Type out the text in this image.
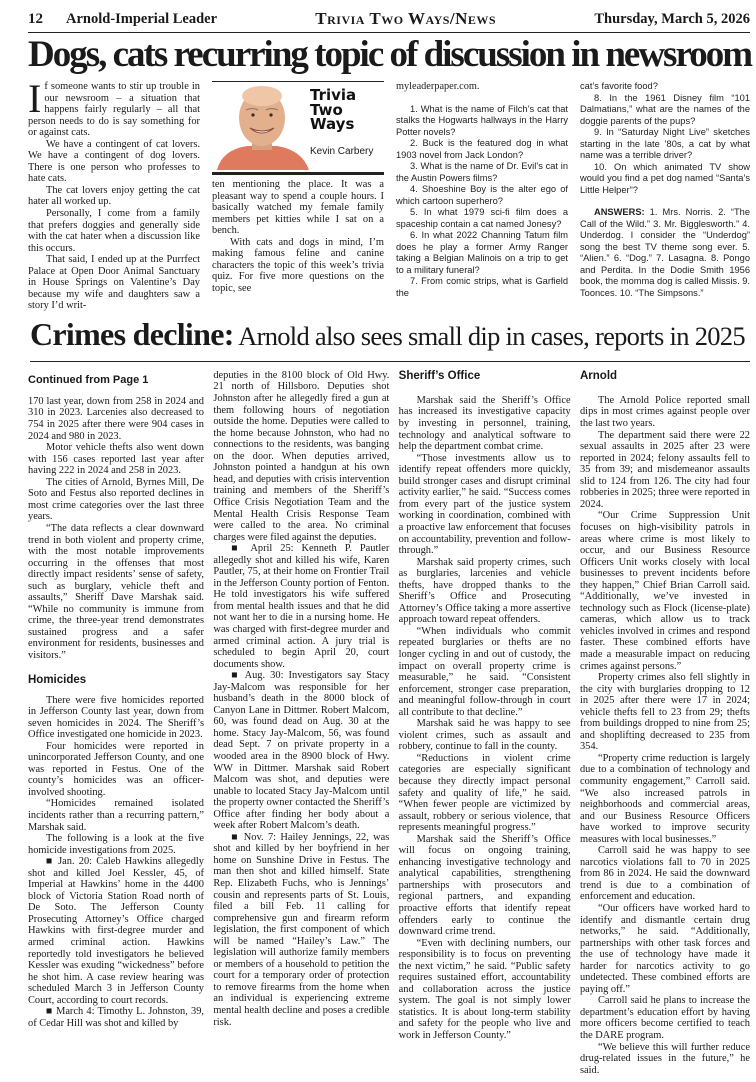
12	Arnold-Imperial Leader	Trivia Two Ways/News	Thursday, March 5, 2026
Dogs, cats recurring topic of discussion in newsroom
I f someone wants to stir up trouble in our newsroom – a situation that happens fairly regularly – all that person needs to do is say something for or against cats.

We have a contingent of cat lovers. We have a contingent of dog lovers. There is one person who professes to hate cats.

The cat lovers enjoy getting the cat hater all worked up.

Personally, I come from a family that prefers doggies and generally side with the cat hater when a discussion like this occurs.

That said, I ended up at the Purrfect Palace at Open Door Animal Sanctuary in House Springs on Valentine’s Day because my wife and daughters saw a story I’d writ-

Trivia
Two
Ways
Kevin Carbery

ten mentioning the place. It was a pleasant way to spend a couple hours. I basically watched my female family members pet kitties while I sat on a bench.

With cats and dogs in mind, I’m making famous feline and canine characters the topic of this week’s trivia quiz. For five more questions on the topic, see

myleaderpaper.com.

1. What is the name of Filch’s cat that stalks the Hogwarts hallways in the Harry Potter novels?

2. Buck is the featured dog in what 1903 novel from Jack London?

3. What is the name of Dr. Evil’s cat in the Austin Powers films?

4. Shoeshine Boy is the alter ego of which cartoon superhero?

5. In what 1979 sci-fi film does a spaceship contain a cat named Jonesy?

6. In what 2022 Channing Tatum film does he play a former Army Ranger taking a Belgian Malinois on a trip to get to a military funeral?

7. From comic strips, what is Garfield the

cat’s favorite food?

8. In the 1961 Disney film “101 Dalmatians,” what are the names of the doggie parents of the pups?

9. In “Saturday Night Live” sketches starting in the late ’80s, a cat by what name was a terrible driver?

10. On which animated TV show would you find a pet dog named “Santa’s Little Helper”?

ANSWERS: 1. Mrs. Norris. 2. “The Call of the Wild.” 3. Mr. Bigglesworth.” 4. Underdog. I consider the “Underdog” song the best TV theme song ever. 5. “Alien.” 6. “Dog.” 7. Lasagna. 8. Pongo and Perdita. In the Dodie Smith 1956 book, the momma dog is called Missis. 9. Toonces. 10. “The Simpsons.”

Crimes decline: Arnold also sees small dip in cases, reports in 2025
Continued from Page 1

170 last year, down from 258 in 2024 and 310 in 2023. Larcenies also decreased to 754 in 2025 after there were 904 cases in 2024 and 980 in 2023.

Motor vehicle thefts also went down with 156 cases reported last year after having 222 in 2024 and 258 in 2023.

The cities of Arnold, Byrnes Mill, De Soto and Festus also reported declines in most crime categories over the last three years.

“The data reflects a clear downward trend in both violent and property crime, with the most notable improvements occurring in the offenses that most directly impact residents’ sense of safety, such as burglary, vehicle theft and assaults,” Sheriff Dave Marshak said. “While no community is immune from crime, the three-year trend demonstrates sustained progress and a safer environment for residents, businesses and visitors.”

Homicides

There were five homicides reported in Jefferson County last year, down from seven homicides in 2024. The Sheriff’s Office investigated one homicide in 2023.

Four homicides were reported in unincorporated Jefferson County, and one was reported in Festus. One of the county’s homicides was an officer-involved shooting.

“Homicides remained isolated incidents rather than a recurring pattern,” Marshak said.

The following is a look at the five homicide investigations from 2025.

■ Jan. 20: Caleb Hawkins allegedly shot and killed Joel Kessler, 45, of Imperial at Hawkins’ home in the 4400 block of Victoria Station Road north of De Soto. The Jefferson County Prosecuting Attorney’s Office charged Hawkins with first-degree murder and armed criminal action. Hawkins reportedly told investigators he believed Kessler was exuding “wickedness” before he shot him. A case review hearing was scheduled March 3 in Jefferson County Court, according to court records.

■ March 4: Timothy L. Johnston, 39, of Cedar Hill was shot and killed by

deputies in the 8100 block of Old Hwy. 21 north of Hillsboro. Deputies shot Johnston after he allegedly fired a gun at them following hours of negotiation outside the home. Deputies were called to the home because Johnston, who had no connections to the residents, was banging on the door. When deputies arrived, Johnston pointed a handgun at his own head, and deputies with crisis intervention training and members of the Sheriff’s Office Crisis Negotiation Team and the Mental Health Crisis Response Team were called to the area. No criminal charges were filed against the deputies.

■ April 25: Kenneth P. Pautler allegedly shot and killed his wife, Karen Pautler, 75, at their home on Frontier Trail in the Jefferson County portion of Fenton. He told investigators his wife suffered from mental health issues and that he did not want her to die in a nursing home. He was charged with first-degree murder and armed criminal action. A jury trial is scheduled to begin April 20, court documents show.

■ Aug. 30: Investigators say Stacy Jay-Malcom was responsible for her husband’s death in the 8000 block of Canyon Lane in Dittmer. Robert Malcom, 60, was found dead on Aug. 30 at the home. Stacy Jay-Malcom, 56, was found dead Sept. 7 on private property in a wooded area in the 8900 block of Hwy. WW in Dittmer. Marshak said Robert Malcom was shot, and deputies were unable to located Stacy Jay-Malcom until the property owner contacted the Sheriff’s Office after finding her body about a week after Robert Malcom’s death.

■ Nov. 7: Hailey Jennings, 22, was shot and killed by her boyfriend in her home on Sunshine Drive in Festus. The man then shot and killed himself. State Rep. Elizabeth Fuchs, who is Jennings’ cousin and represents parts of St. Louis, filed a bill Feb. 11 calling for comprehensive gun and firearm reform legislation, the first component of which will be named “Hailey’s Law.” The legislation will authorize family members or members of a household to petition the court for a temporary order of protection to remove firearms from the home when an individual is experiencing extreme mental health decline and poses a credible risk.

Sheriff’s Office

Marshak said the Sheriff’s Office has increased its investigative capacity by investing in personnel, training, technology and analytical software to help the department combat crime.

“Those investments allow us to identify repeat offenders more quickly, build stronger cases and disrupt criminal activity earlier,” he said. “Success comes from every part of the justice system working in coordination, combined with a proactive law enforcement that focuses on accountability, prevention and follow-through.”

Marshak said property crimes, such as burglaries, larcenies and vehicle thefts, have dropped thanks to the Sheriff’s Office and Prosecuting Attorney’s Office taking a more assertive approach toward repeat offenders.

“When individuals who commit repeated burglaries or thefts are no longer cycling in and out of custody, the impact on overall property crime is measurable,” he said. “Consistent enforcement, stronger case preparation, and meaningful follow-through in court all contribute to that decline.”

Marshak said he was happy to see violent crimes, such as assault and robbery, continue to fall in the county.

“Reductions in violent crime categories are especially significant because they directly impact personal safety and quality of life,” he said. “When fewer people are victimized by assault, robbery or serious violence, that represents meaningful progress.”

Marshak said the Sheriff’s Office will focus on ongoing training, enhancing investigative technology and analytical capabilities, strengthening partnerships with prosecutors and regional partners, and expanding proactive efforts that identify repeat offenders early to continue the downward crime trend.

“Even with declining numbers, our responsibility is to focus on preventing the next victim,” he said. “Public safety requires sustained effort, accountability and collaboration across the justice system. The goal is not simply lower statistics. It is about long-term stability and safety for the people who live and work in Jefferson County.”

Arnold

The Arnold Police reported small dips in most crimes against people over the last two years.

The department said there were 22 sexual assaults in 2025 after 23 were reported in 2024; felony assaults fell to 35 from 39; and misdemeanor assaults slid to 124 from 126. The city had four robberies in 2025; three were reported in 2024.

“Our Crime Suppression Unit focuses on high-visibility patrols in areas where crime is most likely to occur, and our Business Resource Officers Unit works closely with local businesses to prevent incidents before they happen,” Chief Brian Carroll said. “Additionally, we’ve invested in technology such as Flock (license-plate) cameras, which allow us to track vehicles involved in crimes and respond faster. These combined efforts have made a measurable impact on reducing crimes against persons.”

Property crimes also fell slightly in the city with burglaries dropping to 12 in 2025 after there were 17 in 2024; vehicle thefts fell to 23 from 29; thefts from buildings dropped to nine from 25; and shoplifting decreased to 235 from 354.

“Property crime reduction is largely due to a combination of technology and community engagement,” Carroll said. “We also increased patrols in neighborhoods and commercial areas, and our Business Resource Officers have worked to improve security measures with local businesses.”

Carroll said he was happy to see narcotics violations fall to 70 in 2025 from 86 in 2024. He said the downward trend is due to a combination of enforcement and education.

“Our officers have worked hard to identify and dismantle certain drug networks,” he said. “Additionally, partnerships with other task forces and the use of technology have made it harder for narcotics activity to go undetected. These combined efforts are paying off.”

Carroll said he plans to increase the department’s education effort by having more officers become certified to teach the DARE program.

“We believe this will further reduce drug-related issues in the future,” he said.
